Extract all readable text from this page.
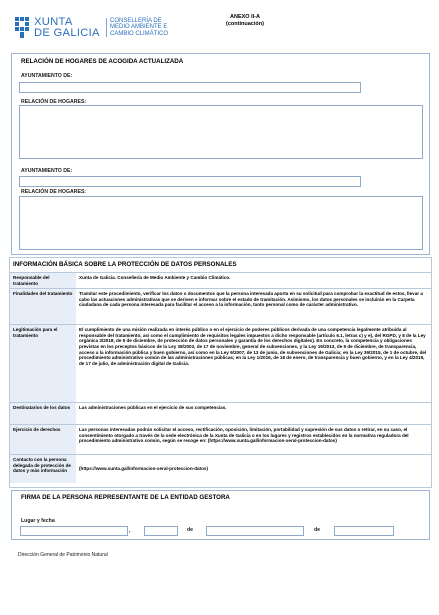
XUNTA
DE GALICIA
CONSELLERÍA DE
MEDIO AMBIENTE E
CAMBIO CLIMÁTICO
ANEXO II-A
(continuación)
RELACIÓN DE HOGARES DE ACOGIDA ACTUALIZADA
AYUNTAMIENTO DE:
RELACIÓN DE HOGARES:
AYUNTAMIENTO DE:
RELACIÓN DE HOGARES:
INFORMACIÓN BÁSICA SOBRE LA PROTECCIÓN DE DATOS PERSONALES
Responsable del tratamiento	Xunta de Galicia. Consellería de Medio Ambiente y Cambio Climático.
Finalidades del tratamiento	Tramitar este procedimiento, verificar los datos o documentos que la persona interesada aporta en su solicitud para comprobar la exactitud de estos, llevar a cabo las actuaciones administrativas que se deriven e informar sobre el estado de tramitación. Asimismo, los datos personales se incluirán en la Carpeta ciudadana de cada persona interesada para facilitar el acceso a la información, tanto personal como de carácter administrativo.
Legitimación para el tratamiento	El cumplimiento de una misión realizada en interés público o en el ejercicio de poderes públicos derivada de una competencia legalmente atribuida al responsable del tratamiento, así como el cumplimiento de requisitos legales impuestos a dicho responsable (artículo 6.1, letras c) y e), del RGPD, y 8 de la Ley orgánica 3/2018, de 5 de diciembre, de protección de datos personales y garantía de los derechos digitales). En concreto, la competencia y obligaciones previstas en los preceptos básicos de la Ley 38/2003, de 17 de noviembre, general de subvenciones, y la Ley 19/2013, de 9 de diciembre, de transparencia, acceso a la información pública y buen gobierno, así como en la Ley 9/2007, de 13 de junio, de subvenciones de Galicia; en la Ley 39/2015, de 1 de octubre, del procedimiento administrativo común de las administraciones públicas; en la Ley 1/2016, de 18 de enero, de transparencia y buen gobierno, y en la Ley 4/2019, de 17 de julio, de administración digital de Galicia.
Destinatarios de los datos	Las administraciones públicas en el ejercicio de sus competencias.
Ejercicio de derechos	Las personas interesadas podrán solicitar el acceso, rectificación, oposición, limitación, portabilidad y supresión de sus datos o retirar, en su caso, el consentimiento otorgado a través de la sede electrónica de la Xunta de Galicia o en los lugares y registros establecidos en la normativa reguladora del procedimiento administrativo común, según se recoge en: (https://www.xunta.gal/informacion-xeral-proteccion-datos)
Contacto con la persona delegada de protección de datos y más información	(https://www.xunta.gal/informacion-xeral-proteccion-datos)
FIRMA DE LA PERSONA REPRESENTANTE DE LA ENTIDAD GESTORA
Lugar y fecha
,	de	de
Dirección General de Patrimonio Natural
